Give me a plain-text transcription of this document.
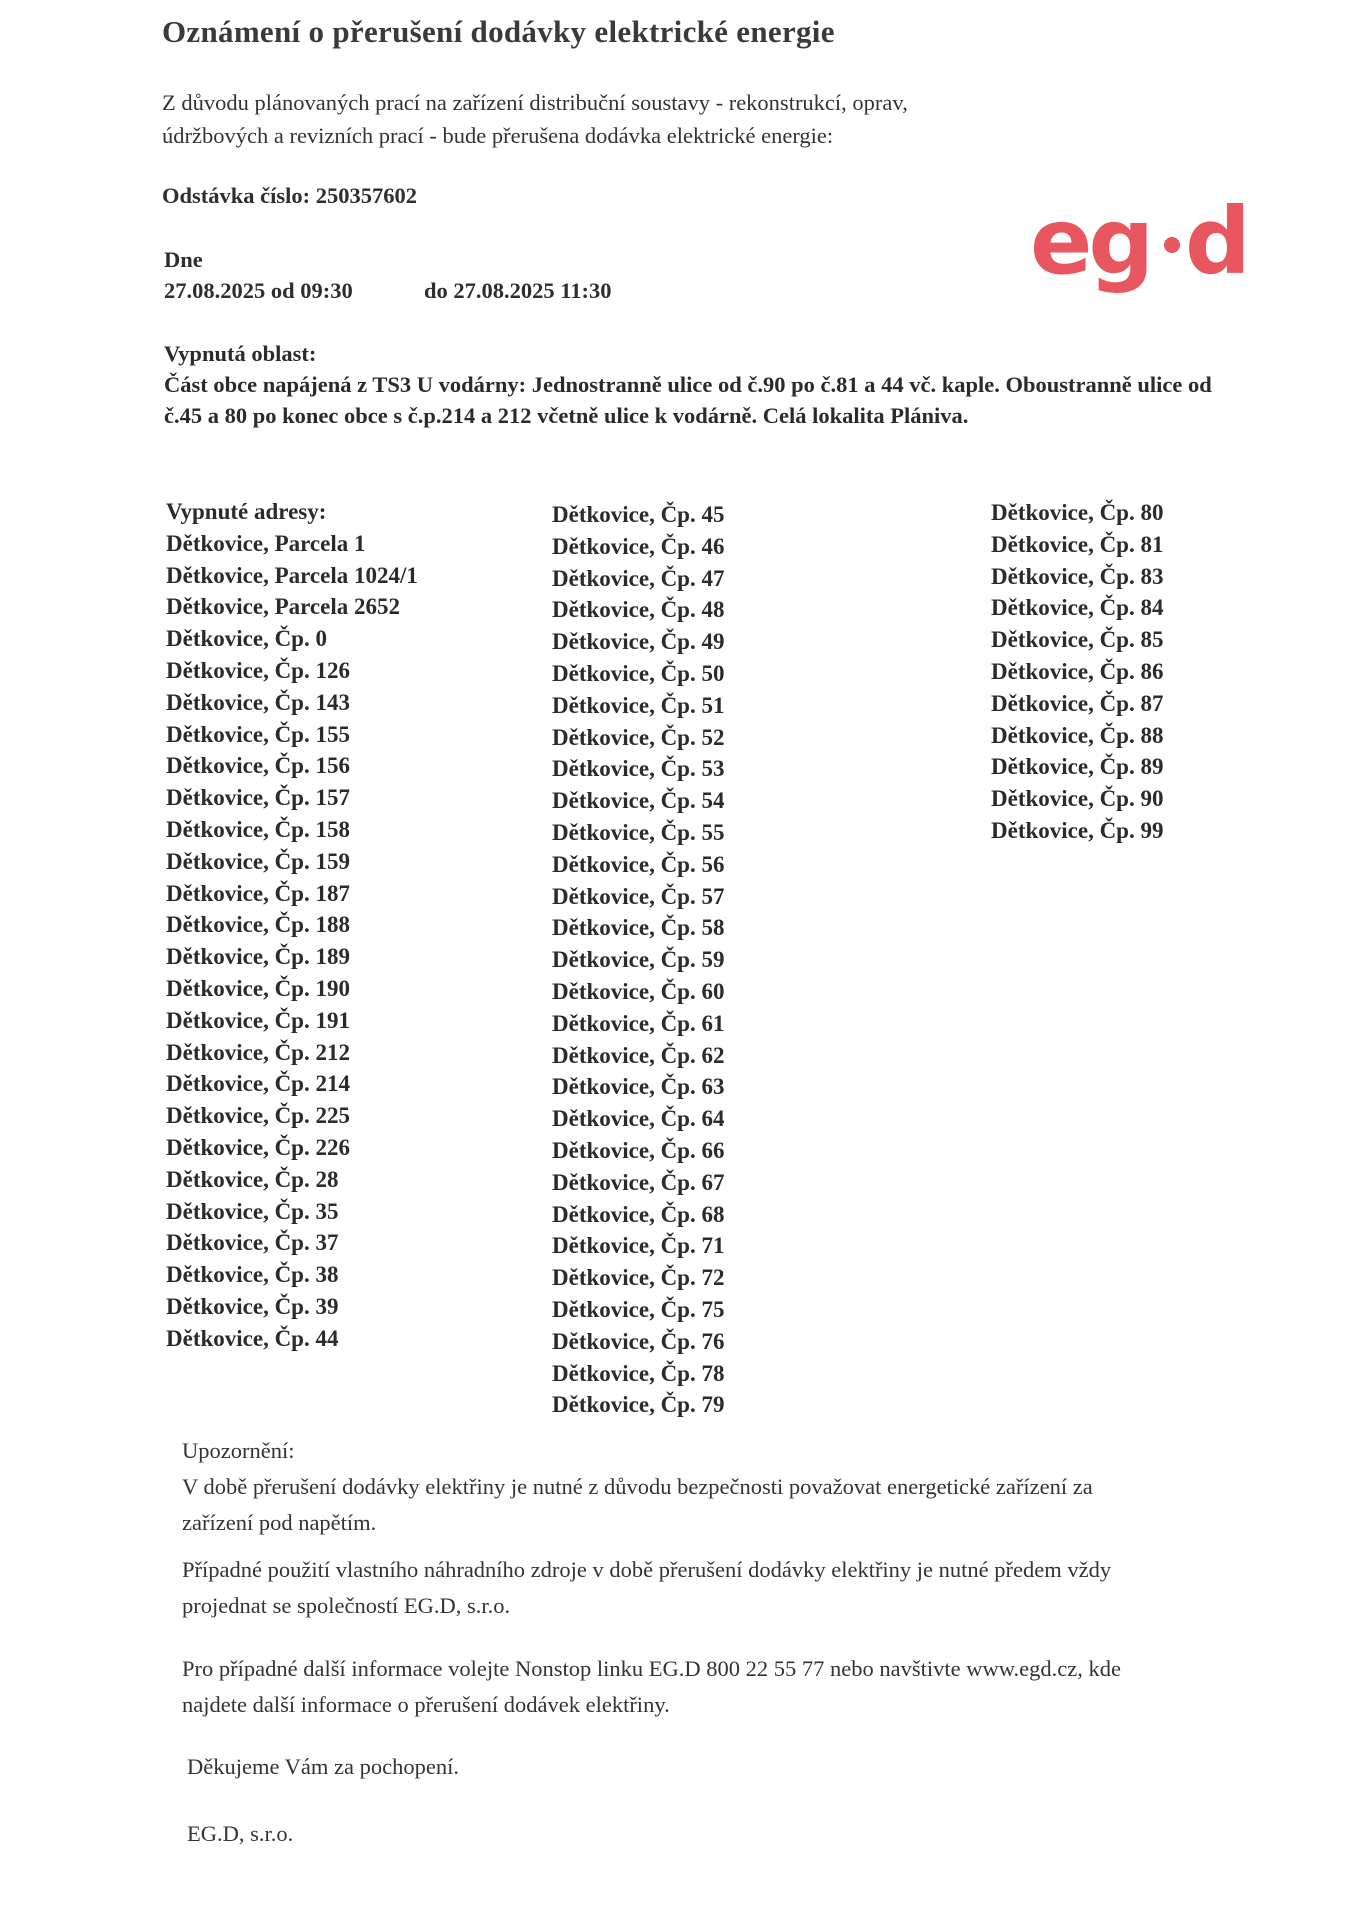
Oznámení o přerušení dodávky elektrické energie
Z důvodu plánovaných prací na zařízení distribuční soustavy - rekonstrukcí, oprav,
údržbových a revizních prací - bude přerušena dodávka elektrické energie:
Odstávka číslo: 250357602
Dne
27.08.2025 od 09:30	do 27.08.2025 11:30	eg d
Vypnutá oblast:
Část obce napájená z TS3 U vodárny: Jednostranně ulice od č.90 po č.81 a 44 vč. kaple. Oboustranně ulice od č.45 a 80 po konec obce s č.p.214 a 212 včetně ulice k vodárně. Celá lokalita Plániva.
Vypnuté adresy:
Dětkovice, Parcela 1
Dětkovice, Parcela 1024/1
Dětkovice, Parcela 2652
Dětkovice, Čp. 0
Dětkovice, Čp. 126
Dětkovice, Čp. 143
Dětkovice, Čp. 155
Dětkovice, Čp. 156
Dětkovice, Čp. 157
Dětkovice, Čp. 158
Dětkovice, Čp. 159
Dětkovice, Čp. 187
Dětkovice, Čp. 188
Dětkovice, Čp. 189
Dětkovice, Čp. 190
Dětkovice, Čp. 191
Dětkovice, Čp. 212
Dětkovice, Čp. 214
Dětkovice, Čp. 225
Dětkovice, Čp. 226
Dětkovice, Čp. 28
Dětkovice, Čp. 35
Dětkovice, Čp. 37
Dětkovice, Čp. 38
Dětkovice, Čp. 39
Dětkovice, Čp. 44
Dětkovice, Čp. 45
Dětkovice, Čp. 46
Dětkovice, Čp. 47
Dětkovice, Čp. 48
Dětkovice, Čp. 49
Dětkovice, Čp. 50
Dětkovice, Čp. 51
Dětkovice, Čp. 52
Dětkovice, Čp. 53
Dětkovice, Čp. 54
Dětkovice, Čp. 55
Dětkovice, Čp. 56
Dětkovice, Čp. 57
Dětkovice, Čp. 58
Dětkovice, Čp. 59
Dětkovice, Čp. 60
Dětkovice, Čp. 61
Dětkovice, Čp. 62
Dětkovice, Čp. 63
Dětkovice, Čp. 64
Dětkovice, Čp. 66
Dětkovice, Čp. 67
Dětkovice, Čp. 68
Dětkovice, Čp. 71
Dětkovice, Čp. 72
Dětkovice, Čp. 75
Dětkovice, Čp. 76
Dětkovice, Čp. 78
Dětkovice, Čp. 79
Dětkovice, Čp. 80
Dětkovice, Čp. 81
Dětkovice, Čp. 83
Dětkovice, Čp. 84
Dětkovice, Čp. 85
Dětkovice, Čp. 86
Dětkovice, Čp. 87
Dětkovice, Čp. 88
Dětkovice, Čp. 89
Dětkovice, Čp. 90
Dětkovice, Čp. 99
Upozornění:
V době přerušení dodávky elektřiny je nutné z důvodu bezpečnosti považovat energetické zařízení za zařízení pod napětím.
Případné použití vlastního náhradního zdroje v době přerušení dodávky elektřiny je nutné předem vždy projednat se společností EG.D, s.r.o.
Pro případné další informace volejte Nonstop linku EG.D 800 22 55 77 nebo navštivte www.egd.cz, kde najdete další informace o přerušení dodávek elektřiny.
Děkujeme Vám za pochopení.
EG.D, s.r.o.
